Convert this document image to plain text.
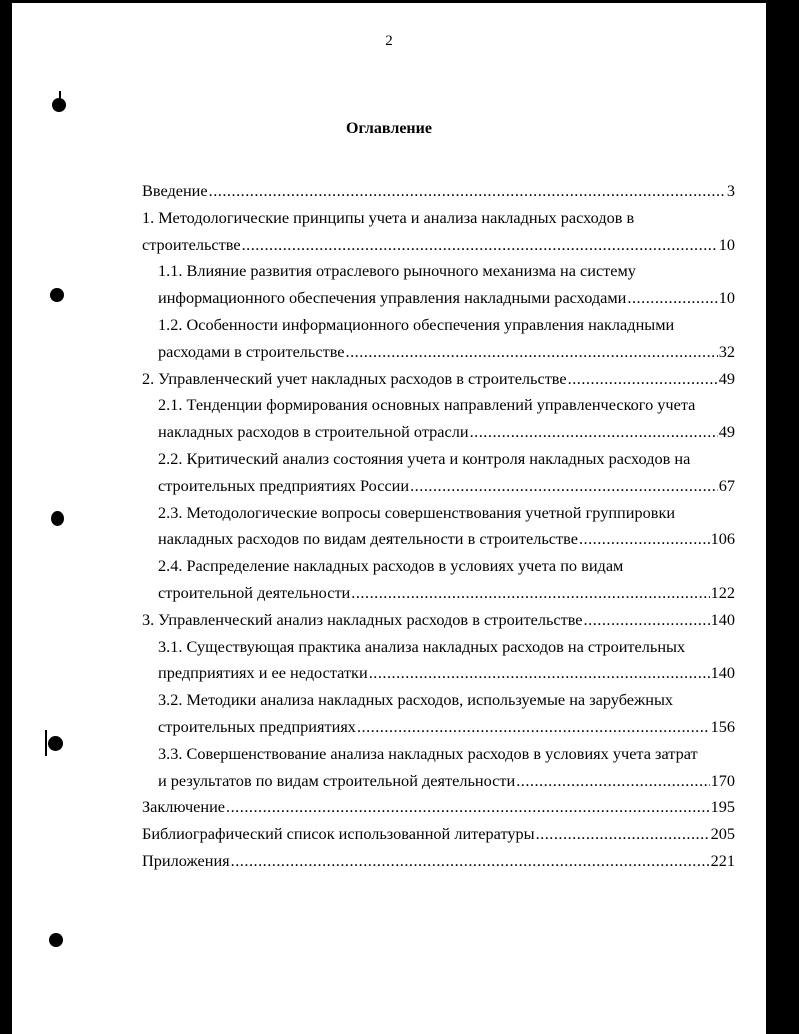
2
Оглавление
Введение .....	3
1. Методологические принципы учета и анализа накладных расходов в
строительстве .....	10
1.1. Влияние развития отраслевого рыночного механизма на систему
информационного обеспечения управления накладными расходами .....	10
1.2. Особенности информационного обеспечения управления накладными
расходами в строительстве .....	32
2. Управленческий учет накладных расходов в строительстве .....	49
2.1. Тенденции формирования основных направлений управленческого учета
накладных расходов в строительной отрасли .....	49
2.2. Критический анализ состояния учета и контроля накладных расходов на
строительных предприятиях России .....	67
2.3. Методологические вопросы совершенствования учетной группировки
накладных расходов по видам деятельности в строительстве .....	106
2.4. Распределение накладных расходов в условиях учета по видам
строительной деятельности .....	122
3. Управленческий анализ накладных расходов в строительстве .....	140
3.1. Существующая практика анализа накладных расходов на строительных
предприятиях и ее недостатки .....	140
3.2. Методики анализа накладных расходов, используемые на зарубежных
строительных предприятиях .....	156
3.3. Совершенствование анализа накладных расходов в условиях учета затрат
и результатов по видам строительной деятельности .....	170
Заключение .....	195
Библиографический список использованной литературы .....	205
Приложения .....	221
